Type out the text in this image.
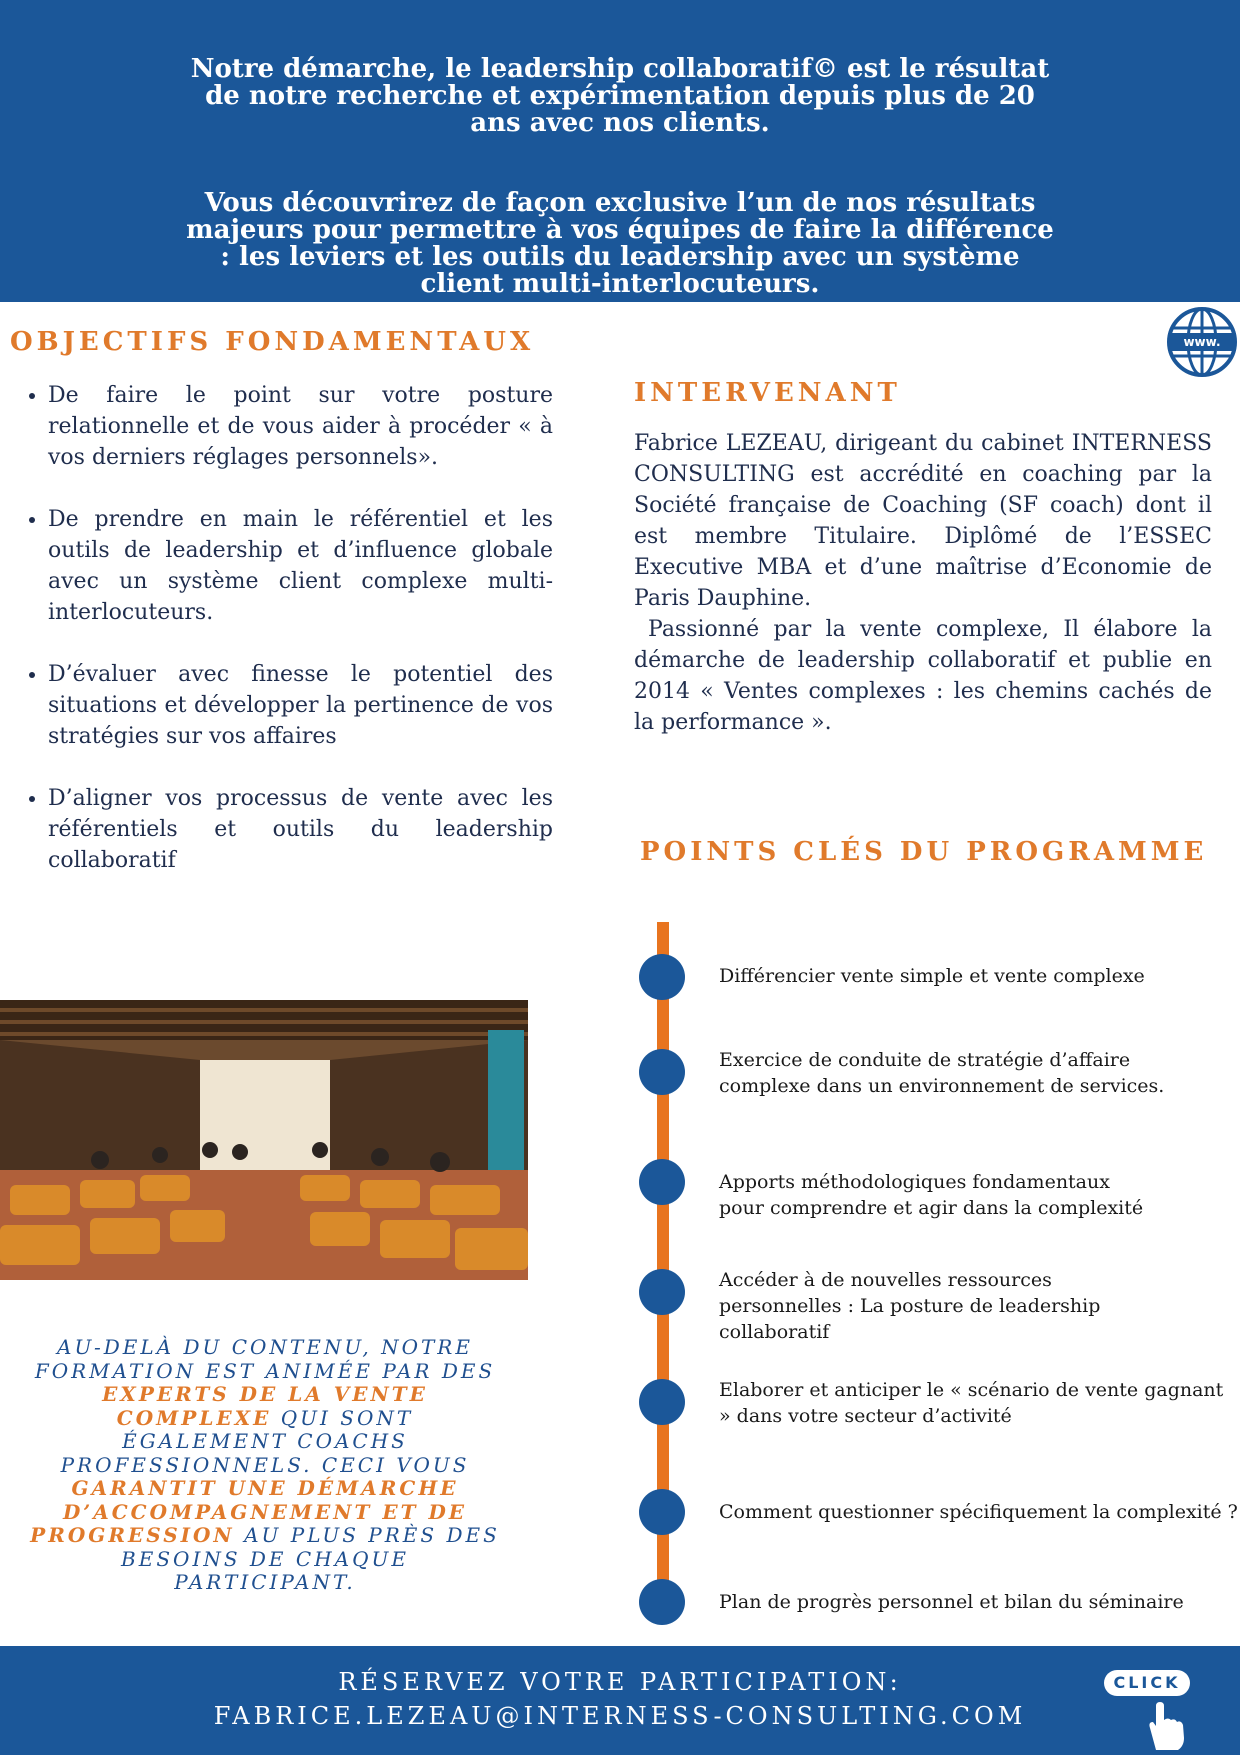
Notre démarche, le leadership collaboratif© est le résultat de notre recherche et expérimentation depuis plus de 20 ans avec nos clients.

Vous découvrirez de façon exclusive l’un de nos résultats majeurs pour permettre à vos équipes de faire la différence : les leviers et les outils du leadership avec un système client multi-interlocuteurs.

OBJECTIFS FONDAMENTAUX
• De faire le point sur votre posture relationnelle et de vous aider à procéder « à vos derniers réglages personnels».
• De prendre en main le référentiel et les outils de leadership et d’influence globale avec un système client complexe multi-interlocuteurs.
• D’évaluer avec finesse le potentiel des situations et développer la pertinence de vos stratégies sur vos affaires
• D’aligner vos processus de vente avec les référentiels et outils du leadership collaboratif
www.
INTERVENANT

Fabrice LEZEAU, dirigeant du cabinet INTERNESS CONSULTING est accrédité en coaching par la Société française de Coaching (SF coach) dont il est membre Titulaire. Diplômé de l’ESSEC Executive MBA et d’une maîtrise d’Economie de Paris Dauphine.

Passionné par la vente complexe, Il élabore la démarche de leadership collaboratif et publie en 2014 « Ventes complexes : les chemins cachés de la performance ».

POINTS CLÉS DU PROGRAMME

Différencier vente simple et vente complexe

Exercice de conduite de stratégie d’affaire complexe dans un environnement de services.

Apports méthodologiques fondamentaux pour comprendre et agir dans la complexité

Accéder à de nouvelles ressources personnelles : La posture de leadership collaboratif

Elaborer et anticiper le « scénario de vente gagnant » dans votre secteur d’activité

Comment questionner spécifiquement la complexité ?

Plan de progrès personnel et bilan du séminaire

AU-DELÀ DU CONTENU, NOTRE FORMATION EST ANIMÉE PAR DES EXPERTS DE LA VENTE COMPLEXE QUI SONT ÉGALEMENT COACHS PROFESSIONNELS. CECI VOUS GARANTIT UNE DÉMARCHE D’ACCOMPAGNEMENT ET DE PROGRESSION AU PLUS PRÈS DES BESOINS DE CHAQUE PARTICIPANT.

RÉSERVEZ VOTRE PARTICIPATION:

FABRICE.LEZEAU@INTERNESS-CONSULTING.COM

CLICK
